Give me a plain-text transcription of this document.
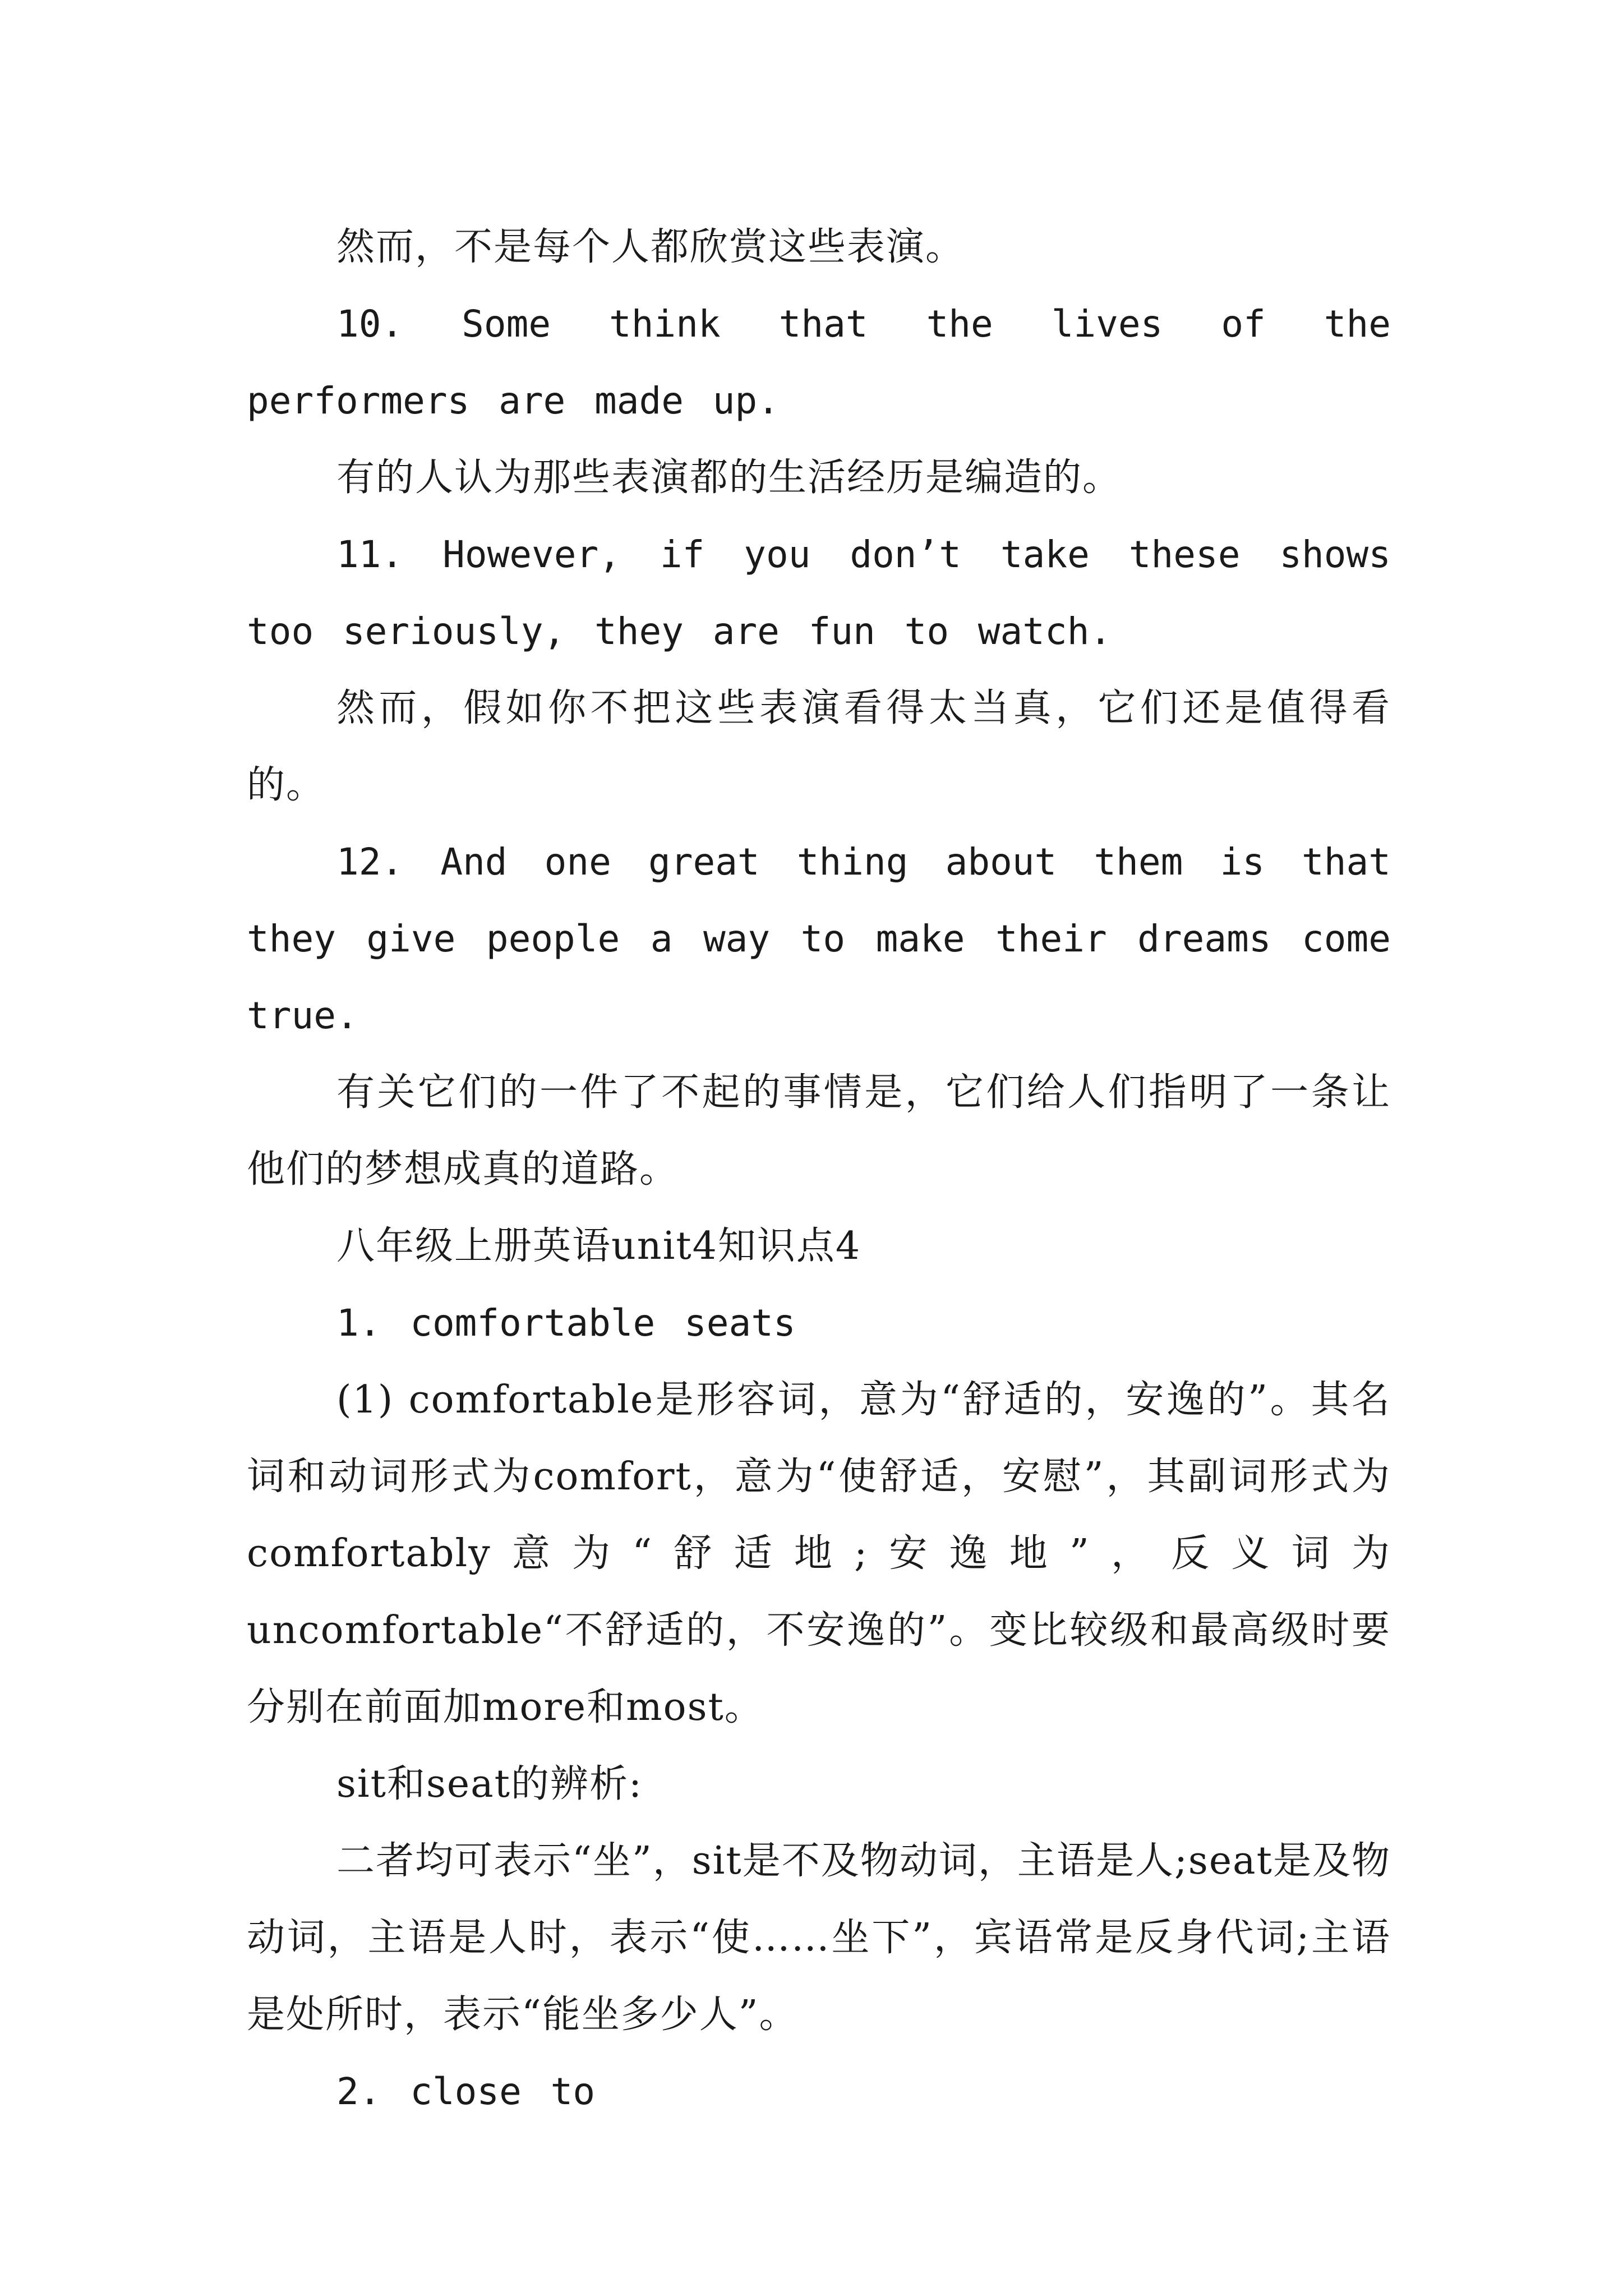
然而，不是每个人都欣赏这些表演。

10. Some think that the lives of the performers are made up.

有的人认为那些表演都的生活经历是编造的。

11. However, if you don’t take these shows too seriously, they are fun to watch.

然而，假如你不把这些表演看得太当真，它们还是值得看的。

12. And one great thing about them is that they give people a way to make their dreams come true.

有关它们的一件了不起的事情是，它们给人们指明了一条让他们的梦想成真的道路。

八年级上册英语unit4知识点4

1. comfortable seats

(1) comfortable是形容词，意为“舒适的，安逸的”。其名词和动词形式为comfort，意为“使舒适，安慰”，其副词形式为comfortably意为“舒适地;安逸地”，反义词为uncomfortable“不舒适的，不安逸的”。变比较级和最高级时要分别在前面加more和most。

sit和seat的辨析:

二者均可表示“坐”，sit是不及物动词，主语是人;seat是及物动词，主语是人时，表示“使……坐下”，宾语常是反身代词;主语是处所时，表示“能坐多少人”。

2. close to
